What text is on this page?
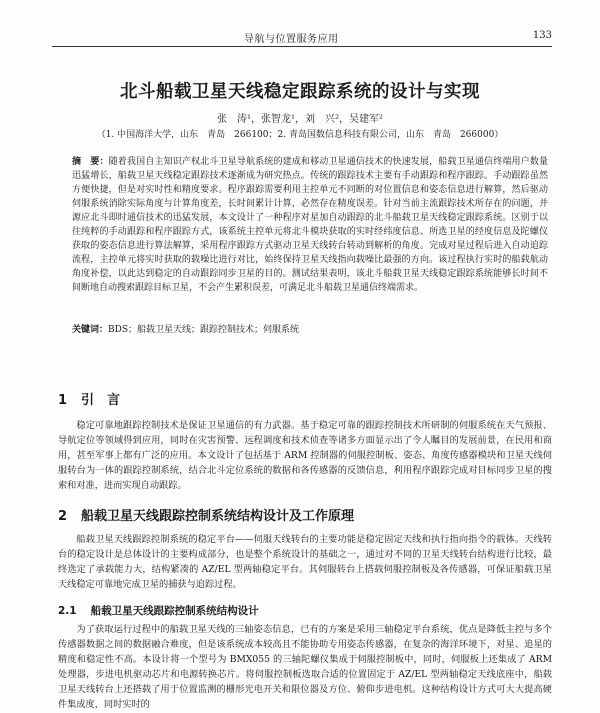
导航与位置服务应用	133
北斗船载卫星天线稳定跟踪系统的设计与实现
张　涛¹，张智龙¹，刘　兴²，吴建军²
（1. 中国海洋大学，山东　青岛　266100；2. 青岛国数信息科技有限公司，山东　青岛　266000）

摘　要：随着我国自主知识产权北斗卫星导航系统的建成和移动卫星通信技术的快速发展，船载卫星通信终端用户数量迅猛增长，船载卫星天线稳定跟踪技术逐渐成为研究热点。传统的跟踪技术主要有手动跟踪和程序跟踪。手动跟踪虽然方便快捷，但是对实时性和精度要求。程序跟踪需要利用主控单元不同断的对位置信息和姿态信息进行解算，然后驱动伺服系统消除实际角度与计算角度差，长时间累计计算，必然存在精度误差。针对当前主流跟踪技术所存在的问题，并源应北斗即时通信技术的迅猛发展，本文设计了一种程序对星加自动跟踪的北斗船载卫星天线稳定跟踪系统。区别于以往纯粹的手动跟踪和程序跟踪方式，该系统主控单元将北斗模块获取的实时经纬度信息、所选卫星的经度信息及陀螺仪获取的姿态信息进行算法解算，采用程序跟踪方式驱动卫星天线转台转动到解析的角度。完成对星过程后进入自动追踪流程，主控单元将实时获取的载噪比进行对比，始终保持卫星天线指向载噪比最强的方向。该过程执行实时的船载航动角度补偿，以此达到稳定的自动跟踪同步卫星的目的。测试结果表明，该北斗船载卫星天线稳定跟踪系统能够长时间不间断地自动搜索跟踪目标卫星，不会产生累积误差，可满足北斗船载卫星通信终端需求。

关键词：BDS；船载卫星天线；跟踪控制技术；伺服系统

1 引　言

稳定可靠地跟踪控制技术是保证卫星通信的有力武器。基于稳定可靠的跟踪控制技术所研制的伺服系统在天气预报、导航定位等领域得到应用，同时在灾害预警、远程调度和技术侦查等诸多方面显示出了令人瞩目的发展前景，在民用和商用，甚至军事上都有广泛的应用。本文设计了包括基于 ARM 控制器的伺服控制板、姿态、角度传感器模块和卫星天线伺服转台为一体的跟踪控制系统，结合北斗定位系统的数据和各传感器的反馈信息，利用程序跟踪完成对目标同步卫星的搜索和对准，进而实现自动跟踪。

2 船载卫星天线跟踪控制系统结构设计及工作原理

船载卫星天线跟踪控制系统的稳定平台——伺服天线转台的主要功能是稳定固定天线和执行指向指令的载体。天线转台的稳定设计是总体设计的主要构成部分，也是整个系统设计的基础之一，通过对不同的卫星天线转台结构进行比较，最终选定了承载能力大，结构紧凑的 AZ/EL 型两轴稳定平台。其伺服转台上搭载伺服控制板及各传感器，可保证船载卫星天线稳定可靠地完成卫星的捕获与追踪过程。

2.1 船载卫星天线跟踪控制系统结构设计

为了获取运行过程中的船载卫星天线的三轴姿态信息，已有的方案是采用三轴稳定平台系统，优点是降低主控与多个传感器数据之间的数据融合难度，但是该系统成本较高且不能协助专用姿态传感器，在复杂的海洋环境下，对星、追星的精度和稳定性不高。本设计将一个型号为 BMX055 的三轴陀螺仪集成于伺服控制板中，同时，伺服板上还集成了 ARM 处理器，步进电机驱动芯片和电源转换芯片。将伺服控制板选取合适的位置固定于 AZ/EL 型两轴稳定天线底座中，船载卫星天线转台上还搭载了用于位置监测的栅形光电开关和限位器及方位、俯仰步进电机。这种结构设计方式可大大提高硬件集成度，同时实时的
